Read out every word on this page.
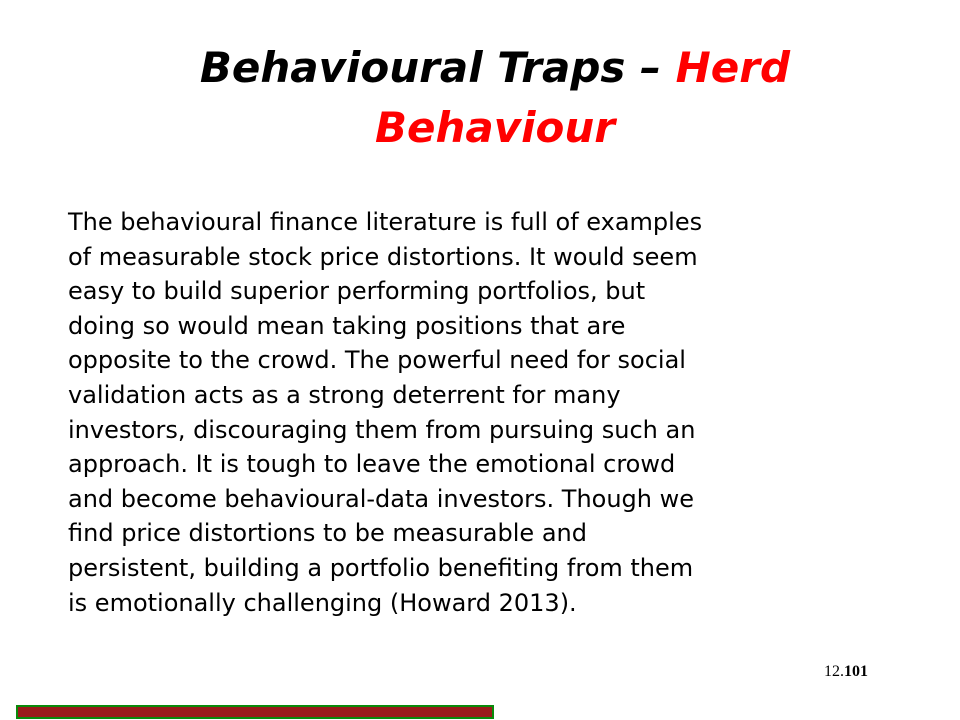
Behavioural Traps – Herd Behaviour

The behavioural finance literature is full of examples
of measurable stock price distortions. It would seem
easy to build superior performing portfolios, but
doing so would mean taking positions that are
opposite to the crowd. The powerful need for social
validation acts as a strong deterrent for many
investors, discouraging them from pursuing such an
approach. It is tough to leave the emotional crowd
and become behavioural-data investors. Though we
find price distortions to be measurable and
persistent, building a portfolio benefiting from them
is emotionally challenging (Howard 2013).

12.101
